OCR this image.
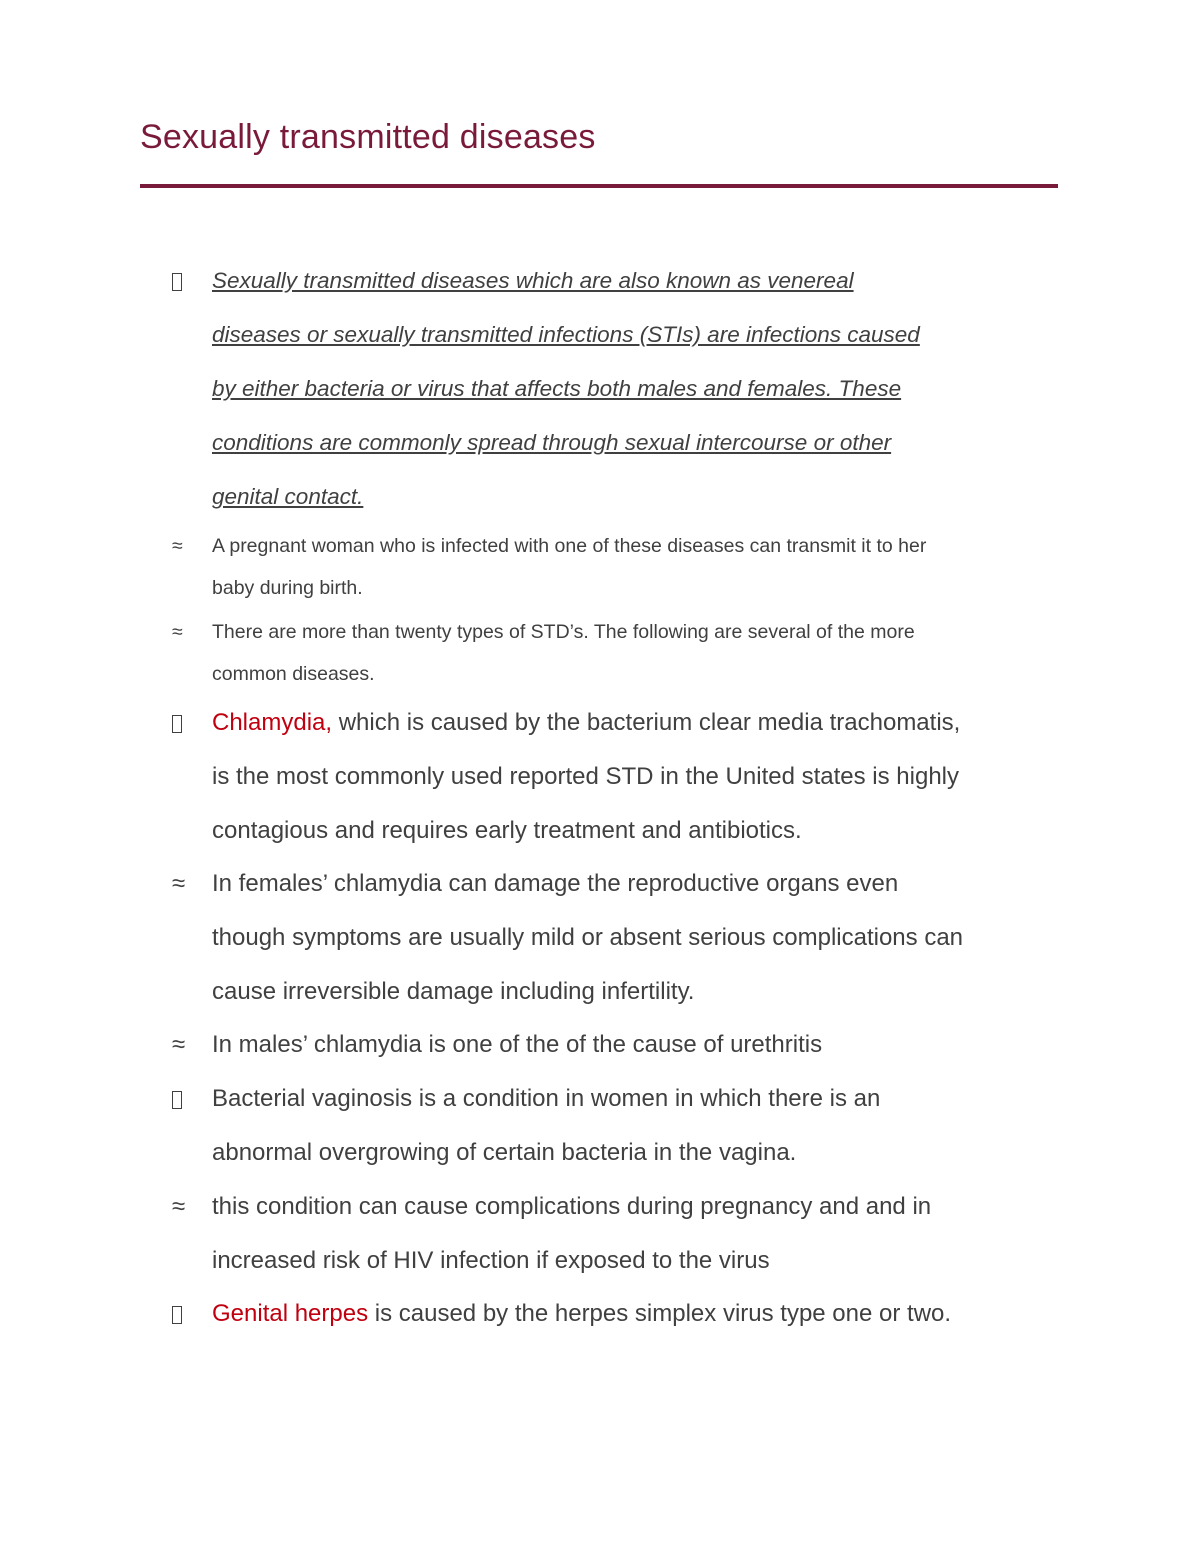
Sexually transmitted diseases
Sexually transmitted diseases which are also known as venereal
diseases or sexually transmitted infections (STIs) are infections caused
by either bacteria or virus that affects both males and females. These
conditions are commonly spread through sexual intercourse or other
genital contact.
≈	A pregnant woman who is infected with one of these diseases can transmit it to her
baby during birth.
≈	There are more than twenty types of STD’s. The following are several of the more
common diseases.
Chlamydia, which is caused by the bacterium clear media trachomatis,
is the most commonly used reported STD in the United states is highly
contagious and requires early treatment and antibiotics.
≈	In females’ chlamydia can damage the reproductive organs even
though symptoms are usually mild or absent serious complications can
cause irreversible damage including infertility.
≈	In males’ chlamydia is one of the of the cause of urethritis
Bacterial vaginosis is a condition in women in which there is an
abnormal overgrowing of certain bacteria in the vagina.
≈	this condition can cause complications during pregnancy and and in
increased risk of HIV infection if exposed to the virus
Genital herpes is caused by the herpes simplex virus type one or two.
